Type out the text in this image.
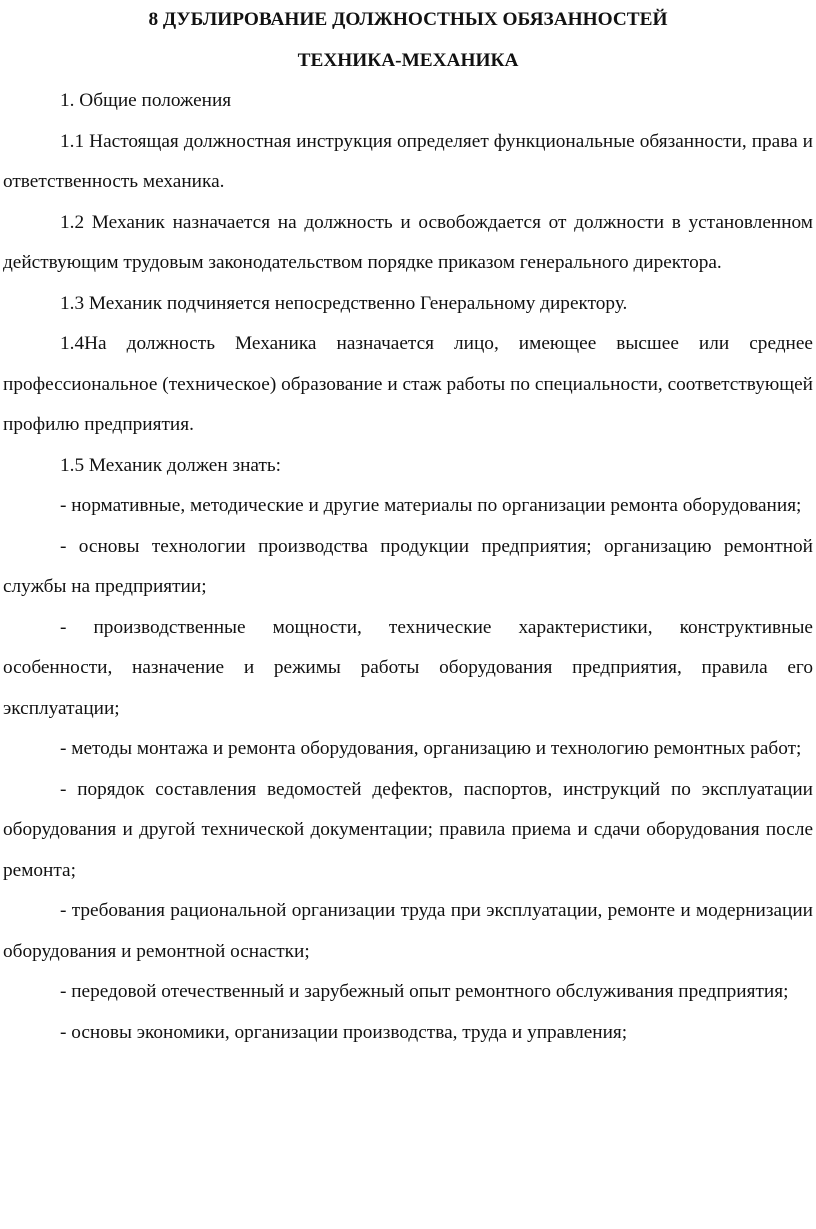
8 ДУБЛИРОВАНИЕ ДОЛЖНОСТНЫХ ОБЯЗАННОСТЕЙ
ТЕХНИКА-МЕХАНИКА

1. Общие положения

1.1 Настоящая должностная инструкция определяет функциональные обязанности, права и ответственность механика.

1.2 Механик назначается на должность и освобождается от должности в установленном действующим трудовым законодательством порядке приказом генерального директора.

1.3 Механик подчиняется непосредственно Генеральному директору.

1.4На должность Механика назначается лицо, имеющее высшее или среднее профессиональное (техническое) образование и стаж работы по специальности, соответствующей профилю предприятия.

1.5 Механик должен знать:

- нормативные, методические и другие материалы по организации ремонта оборудования;

- основы технологии производства продукции предприятия; организацию ремонтной службы на предприятии;

- производственные мощности, технические характеристики, конструктивные особенности, назначение и режимы работы оборудования предприятия, правила его эксплуатации;

- методы монтажа и ремонта оборудования, организацию и технологию ремонтных работ;

- порядок составления ведомостей дефектов, паспортов, инструкций по эксплуатации оборудования и другой технической документации; правила приема и сдачи оборудования после ремонта;

- требования рациональной организации труда при эксплуатации, ремонте и модернизации оборудования и ремонтной оснастки;

- передовой отечественный и зарубежный опыт ремонтного обслуживания предприятия;

- основы экономики, организации производства, труда и управления;
